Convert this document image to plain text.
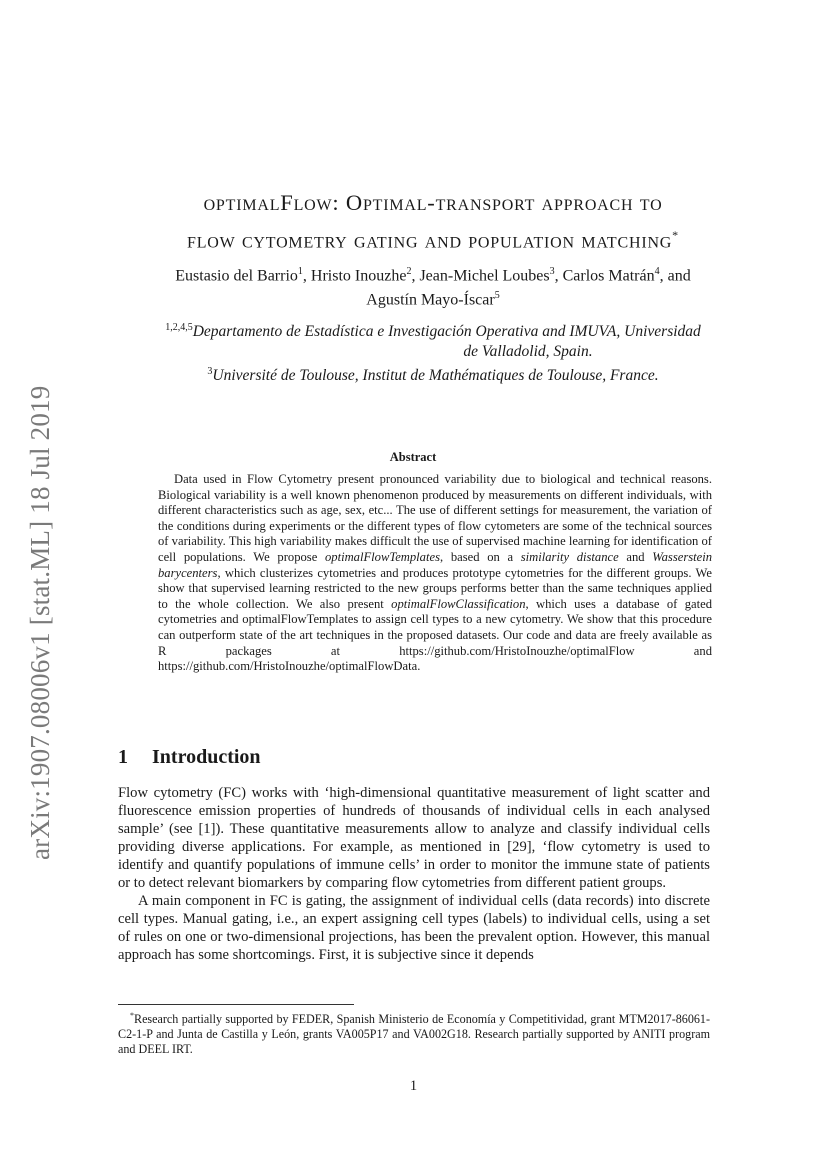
arXiv:1907.08006v1 [stat.ML] 18 Jul 2019
optimalFlow: Optimal-transport approach to
flow cytometry gating and population matching*
Eustasio del Barrio$^1$, Hristo Inouzhe$^2$, Jean-Michel Loubes$^3$, Carlos Matrán$^4$, and
Agustín Mayo-Íscar$^5$
$^{1,2,4,5}$Departamento de Estadística e Investigación Operativa and IMUVA, Universidad
de Valladolid, Spain.
$^3$Université de Toulouse, Institut de Mathématiques de Toulouse, France.
Abstract

Data used in Flow Cytometry present pronounced variability due to biological and technical reasons. Biological variability is a well known phenomenon produced by measurements on different individuals, with different characteristics such as age, sex, etc... The use of different settings for measurement, the variation of the conditions during experiments or the different types of flow cytometers are some of the technical sources of variability. This high variability makes difficult the use of supervised machine learning for identification of cell populations. We propose optimalFlowTemplates, based on a similarity distance and Wasserstein barycenters, which clusterizes cytometries and produces prototype cytometries for the different groups. We show that supervised learning restricted to the new groups performs better than the same techniques applied to the whole collection. We also present optimalFlowClassification, which uses a database of gated cytometries and optimalFlowTemplates to assign cell types to a new cytometry. We show that this procedure can outperform state of the art techniques in the proposed datasets. Our code and data are freely available as R packages at https://github.com/HristoInouzhe/optimalFlow and https://github.com/HristoInouzhe/optimalFlowData.

1 Introduction

Flow cytometry (FC) works with ‘high-dimensional quantitative measurement of light scatter and fluorescence emission properties of hundreds of thousands of individual cells in each analysed sample’ (see [1]). These quantitative measurements allow to analyze and classify individual cells providing diverse applications. For example, as mentioned in [29], ‘flow cytometry is used to identify and quantify populations of immune cells’ in order to monitor the immune state of patients or to detect relevant biomarkers by comparing flow cytometries from different patient groups.

A main component in FC is gating, the assignment of individual cells (data records) into discrete cell types. Manual gating, i.e., an expert assigning cell types (labels) to individual cells, using a set of rules on one or two-dimensional projections, has been the prevalent option. However, this manual approach has some shortcomings. First, it is subjective since it depends

*Research partially supported by FEDER, Spanish Ministerio de Economía y Competitividad, grant MTM2017-86061-C2-1-P and Junta de Castilla y León, grants VA005P17 and VA002G18. Research partially supported by ANITI program and DEEL IRT.
1
